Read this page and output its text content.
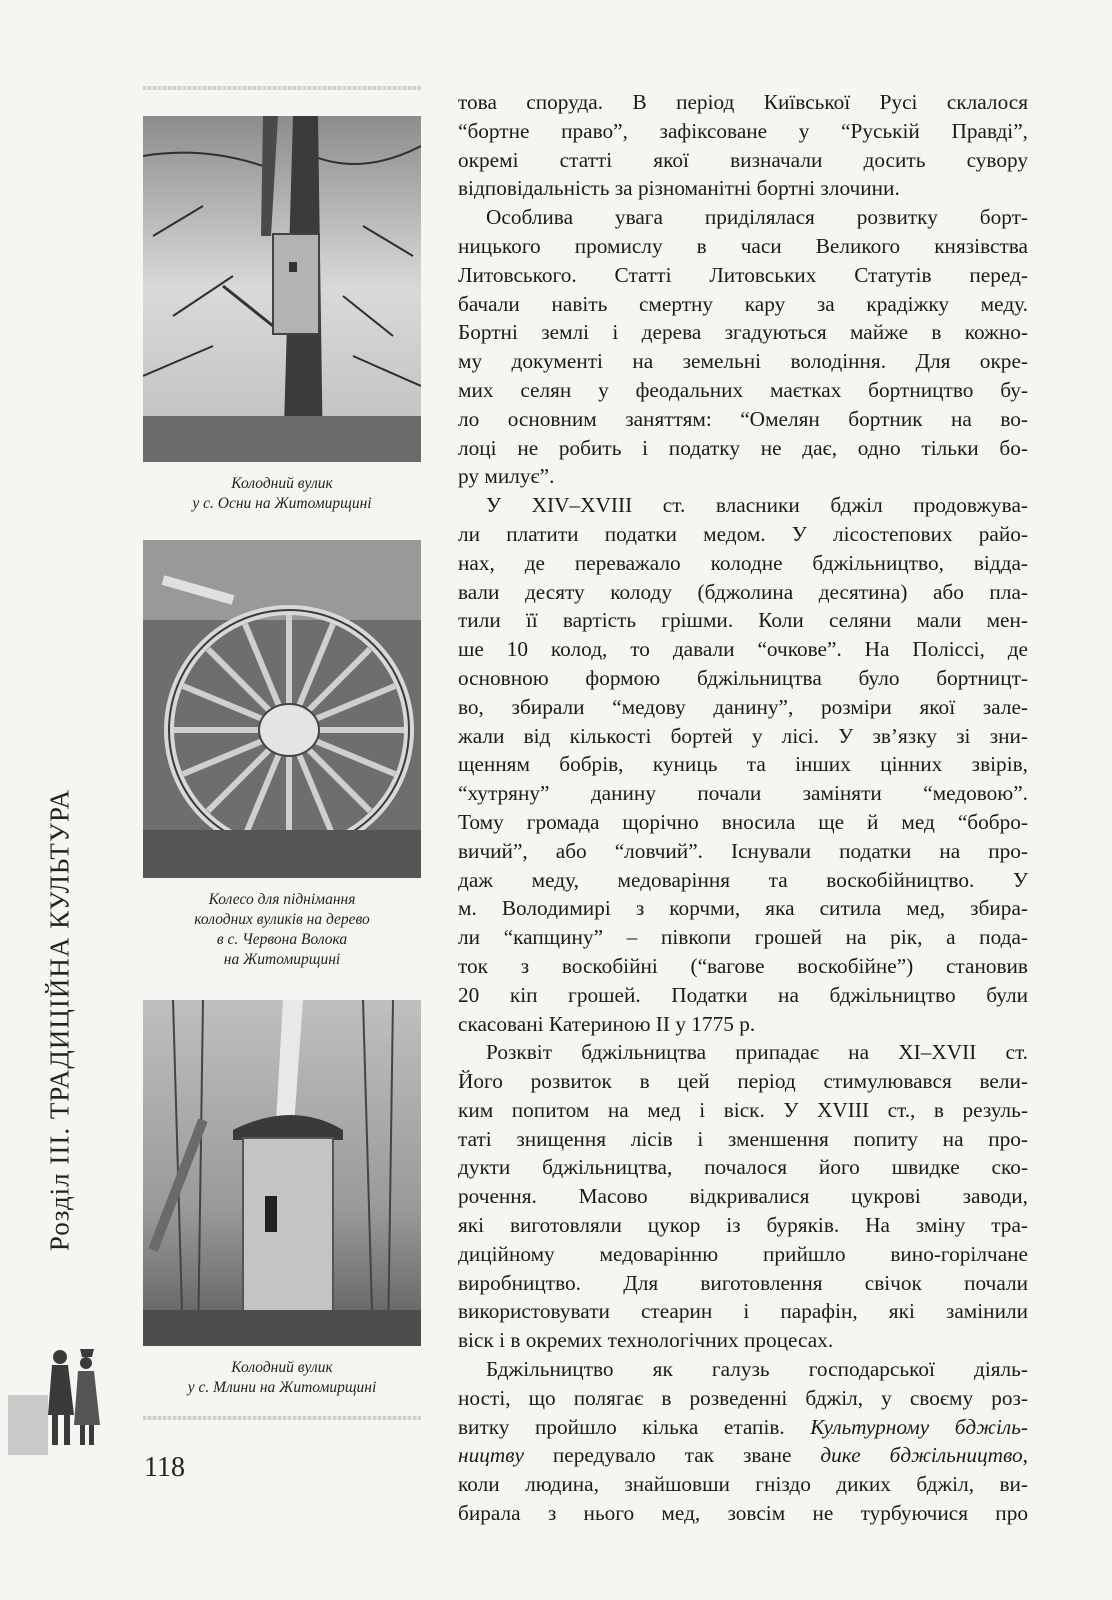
Розділ ІІІ. ТРАДИЦІЙНА КУЛЬТУРА
Колодний вулик
у с. Осни на Житомирщині
Колесо для піднімання
колодних вуликів на дерево
в с. Червона Волока
на Житомирщині
Колодний вулик
у с. Млини на Житомирщині
118
това споруда. В період Київської Русі склалося
“бортне право”, зафіксоване у “Руській Правді”,
окремі статті якої визначали досить сувору
відповідальність за різноманітні бортні злочини.
Особлива увага приділялася розвитку борт-
ницького промислу в часи Великого князівства
Литовського. Статті Литовських Статутів перед-
бачали навіть смертну кару за крадіжку меду.
Бортні землі і дерева згадуються майже в кожно-
му документі на земельні володіння. Для окре-
мих селян у феодальних маєтках бортництво бу-
ло основним заняттям: “Омелян бортник на во-
лоці не робить і податку не дає, одно тільки бо-
ру милує”.
У XIV–XVIII ст. власники бджіл продовжува-
ли платити податки медом. У лісостепових райо-
нах, де переважало колодне бджільництво, відда-
вали десяту колоду (бджолина десятина) або пла-
тили її вартість грішми. Коли селяни мали мен-
ше 10 колод, то давали “очкове”. На Поліссі, де
основною формою бджільництва було бортницт-
во, збирали “медову данину”, розміри якої зале-
жали від кількості бортей у лісі. У зв’язку зі зни-
щенням бобрів, куниць та інших цінних звірів,
“хутряну” данину почали заміняти “медовою”.
Тому громада щорічно вносила ще й мед “бобро-
вичий”, або “ловчий”. Існували податки на про-
даж меду, медоваріння та воскобійництво. У
м. Володимирі з корчми, яка ситила мед, збира-
ли “капщину” – півкопи грошей на рік, а пода-
ток з воскобійні (“вагове воскобійне”) становив
20 кіп грошей. Податки на бджільництво були
скасовані Катериною II у 1775 р.
Розквіт бджільництва припадає на XI–XVII ст.
Його розвиток в цей період стимулювався вели-
ким попитом на мед і віск. У XVIII ст., в резуль-
таті знищення лісів і зменшення попиту на про-
дукти бджільництва, почалося його швидке ско-
рочення. Масово відкривалися цукрові заводи,
які виготовляли цукор із буряків. На зміну тра-
диційному медоварінню прийшло вино-горілчане
виробництво. Для виготовлення свічок почали
використовувати стеарин і парафін, які замінили
віск і в окремих технологічних процесах.
Бджільництво як галузь господарської діяль-
ності, що полягає в розведенні бджіл, у своєму роз-
витку пройшло кілька етапів. Культурному бджіль-
ництву передувало так зване дике бджільництво,
коли людина, знайшовши гніздо диких бджіл, ви-
бирала з нього мед, зовсім не турбуючися про
